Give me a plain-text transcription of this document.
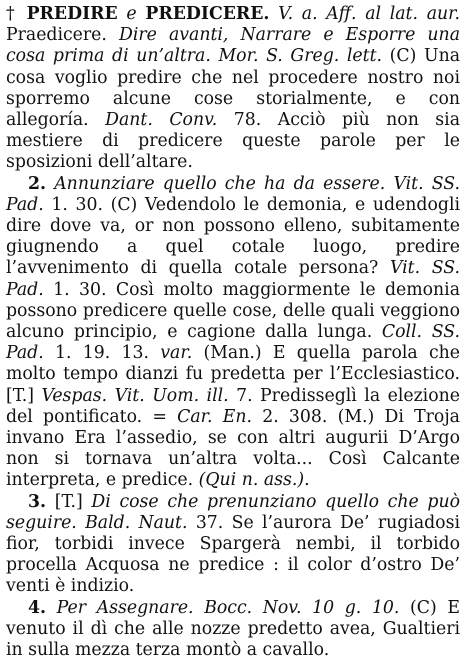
† PREDIRE e PREDICERE. V. a. Aff. al lat. aur. Praedicere. Dire avanti, Narrare e Esporre una cosa prima di un’altra. Mor. S. Greg. lett. (C) Una cosa voglio predire che nel procedere nostro noi sporremo alcune cose storialmente, e con allegoría. Dant. Conv. 78. Acciò più non sia mestiere di predicere queste parole per le sposizioni dell’altare.

2. Annunziare quello che ha da essere. Vit. SS. Pad. 1. 30. (C) Vedendolo le demonia, e udendogli dire dove va, or non possono elleno, subitamente giugnendo a quel cotale luogo, predire l’avvenimento di quella cotale persona? Vit. SS. Pad. 1. 30. Così molto maggiormente le demonia possono predicere quelle cose, delle quali veggiono alcuno principio, e cagione dalla lunga. Coll. SS. Pad. 1. 19. 13. var. (Man.) E quella parola che molto tempo dianzi fu predetta per l’Ecclesiastico. [T.] Vespas. Vit. Uom. ill. 7. Predisseglì la elezione del pontificato. = Car. En. 2. 308. (M.) Di Troja invano Era l’assedio, se con altri augurii D’Argo non si tornava un’altra volta... Così Calcante interpreta, e predice. (Qui n. ass.).

3. [T.] Di cose che prenunziano quello che può seguire. Bald. Naut. 37. Se l’aurora De’ rugiadosi fior, torbidi invece Spargerà nembi, il torbido procella Acquosa ne predice : il color d’ostro De’ venti è indizio.

4. Per Assegnare. Bocc. Nov. 10 g. 10. (C) E venuto il dì che alle nozze predetto avea, Gualtieri in sulla mezza terza montò a cavallo.
